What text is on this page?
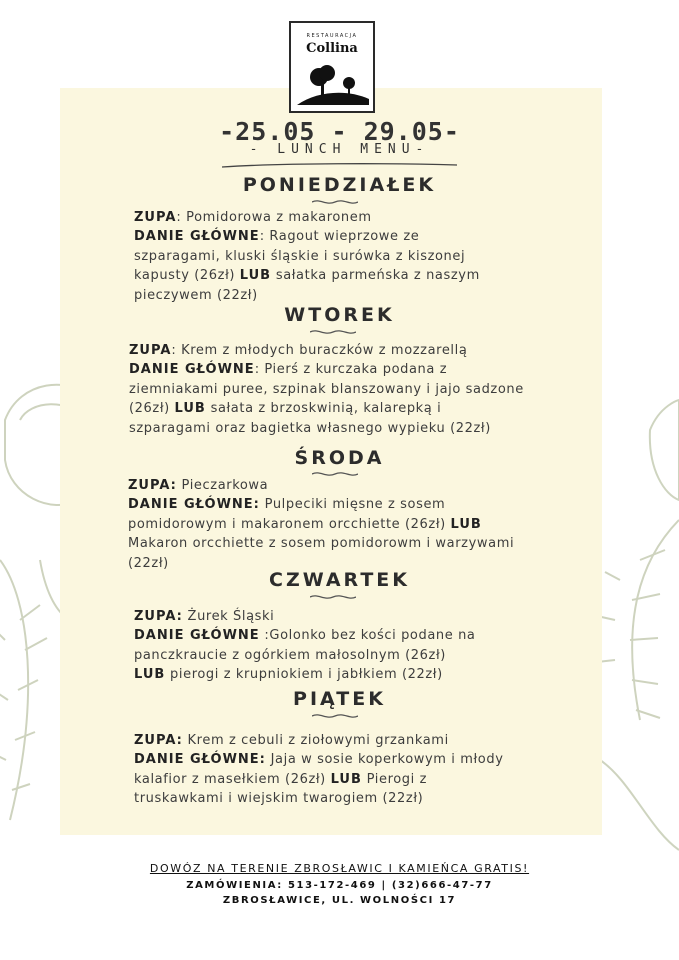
RESTAURACJA
Collina
-25.05 - 29.05-
- LUNCH MENU-
PONIEDZIAŁEK

ZUPA: Pomidorowa z makaronem

DANIE GŁÓWNE: Ragout wieprzowe ze

szparagami, kluski śląskie i surówka z kiszonej

kapusty (26zł) LUB sałatka parmeńska z naszym

pieczywem (22zł)

WTOREK

ZUPA: Krem z młodych buraczków z mozzarellą

DANIE GŁÓWNE: Pierś z kurczaka podana z

ziemniakami puree, szpinak blanszowany i jajo sadzone

(26zł) LUB sałata z brzoskwinią, kalarepką i

szparagami oraz bagietka własnego wypieku (22zł)

ŚRODA

ZUPA: Pieczarkowa

DANIE GŁÓWNE: Pulpeciki mięsne z sosem

pomidorowym i makaronem orcchiette (26zł) LUB

Makaron orcchiette z sosem pomidorowm i warzywami

(22zł)

CZWARTEK

ZUPA: Żurek Śląski

DANIE GŁÓWNE :Golonko bez kości podane na

panczkraucie z ogórkiem małosolnym (26zł)

LUB pierogi z krupniokiem i jabłkiem (22zł)

PIĄTEK

ZUPA: Krem z cebuli z ziołowymi grzankami

DANIE GŁÓWNE: Jaja w sosie koperkowym i młody

kalafior z masełkiem (26zł) LUB Pierogi z

truskawkami i wiejskim twarogiem (22zł)

DOWÓZ NA TERENIE ZBROSŁAWIC I KAMIEŃCA GRATIS!
ZAMÓWIENIA: 513-172-469 | (32)666-47-77
ZBROSŁAWICE, UL. WOLNOŚCI 17
